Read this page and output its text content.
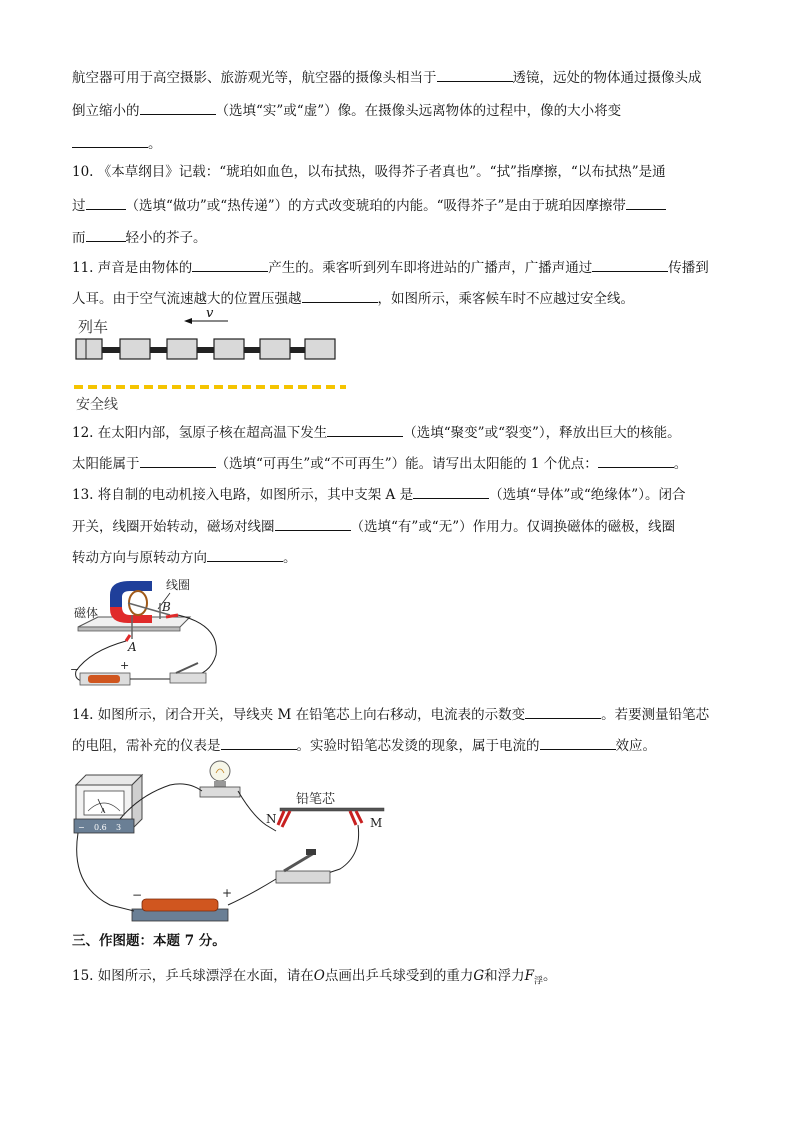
航空器可用于高空摄影、旅游观光等，航空器的摄像头相当于	透镜，远处的物体通过摄像头成
倒立缩小的	（选填“实”或“虚”）像。在摄像头远离物体的过程中，像的大小将变
。
10. 《本草纲目》记载：“琥珀如血色，以布拭热，吸得芥子者真也”。“拭”指摩擦，“以布拭热”是通
过	（选填“做功”或“热传递”）的方式改变琥珀的内能。“吸得芥子”是由于琥珀因摩擦带
而	轻小的芥子。
11. 声音是由物体的	产生的。乘客听到列车即将进站的广播声，广播声通过	传播到
人耳。由于空气流速越大的位置压强越	，如图所示，乘客候车时不应越过安全线。
列车
v
安全线
12. 在太阳内部，氢原子核在超高温下发生	（选填“聚变”或“裂变”），释放出巨大的核能。
太阳能属于	（选填“可再生”或“不可再生”）能。请写出太阳能的 1 个优点：	。
13. 将自制的电动机接入电路，如图所示，其中支架 A 是	（选填“导体”或“绝缘体”）。闭合
开关，线圈开始转动，磁场对线圈	（选填“有”或“无”）作用力。仅调换磁体的磁极，线圈
转动方向与原转动方向	。
线圈
磁体	B
A
−	+
14. 如图所示，闭合开关，导线夹 M 在铅笔芯上向右移动，电流表的示数变	。若要测量铅笔芯
的电阻，需补充的仪表是	。实验时铅笔芯发烫的现象，属于电流的	效应。
A
− 0.6 3
铅笔芯
N	M
−	+
三、作图题：本题 7 分。
15. 如图所示，乒乓球漂浮在水面，请在O点画出乒乓球受到的重力G和浮力$F_浮$。
